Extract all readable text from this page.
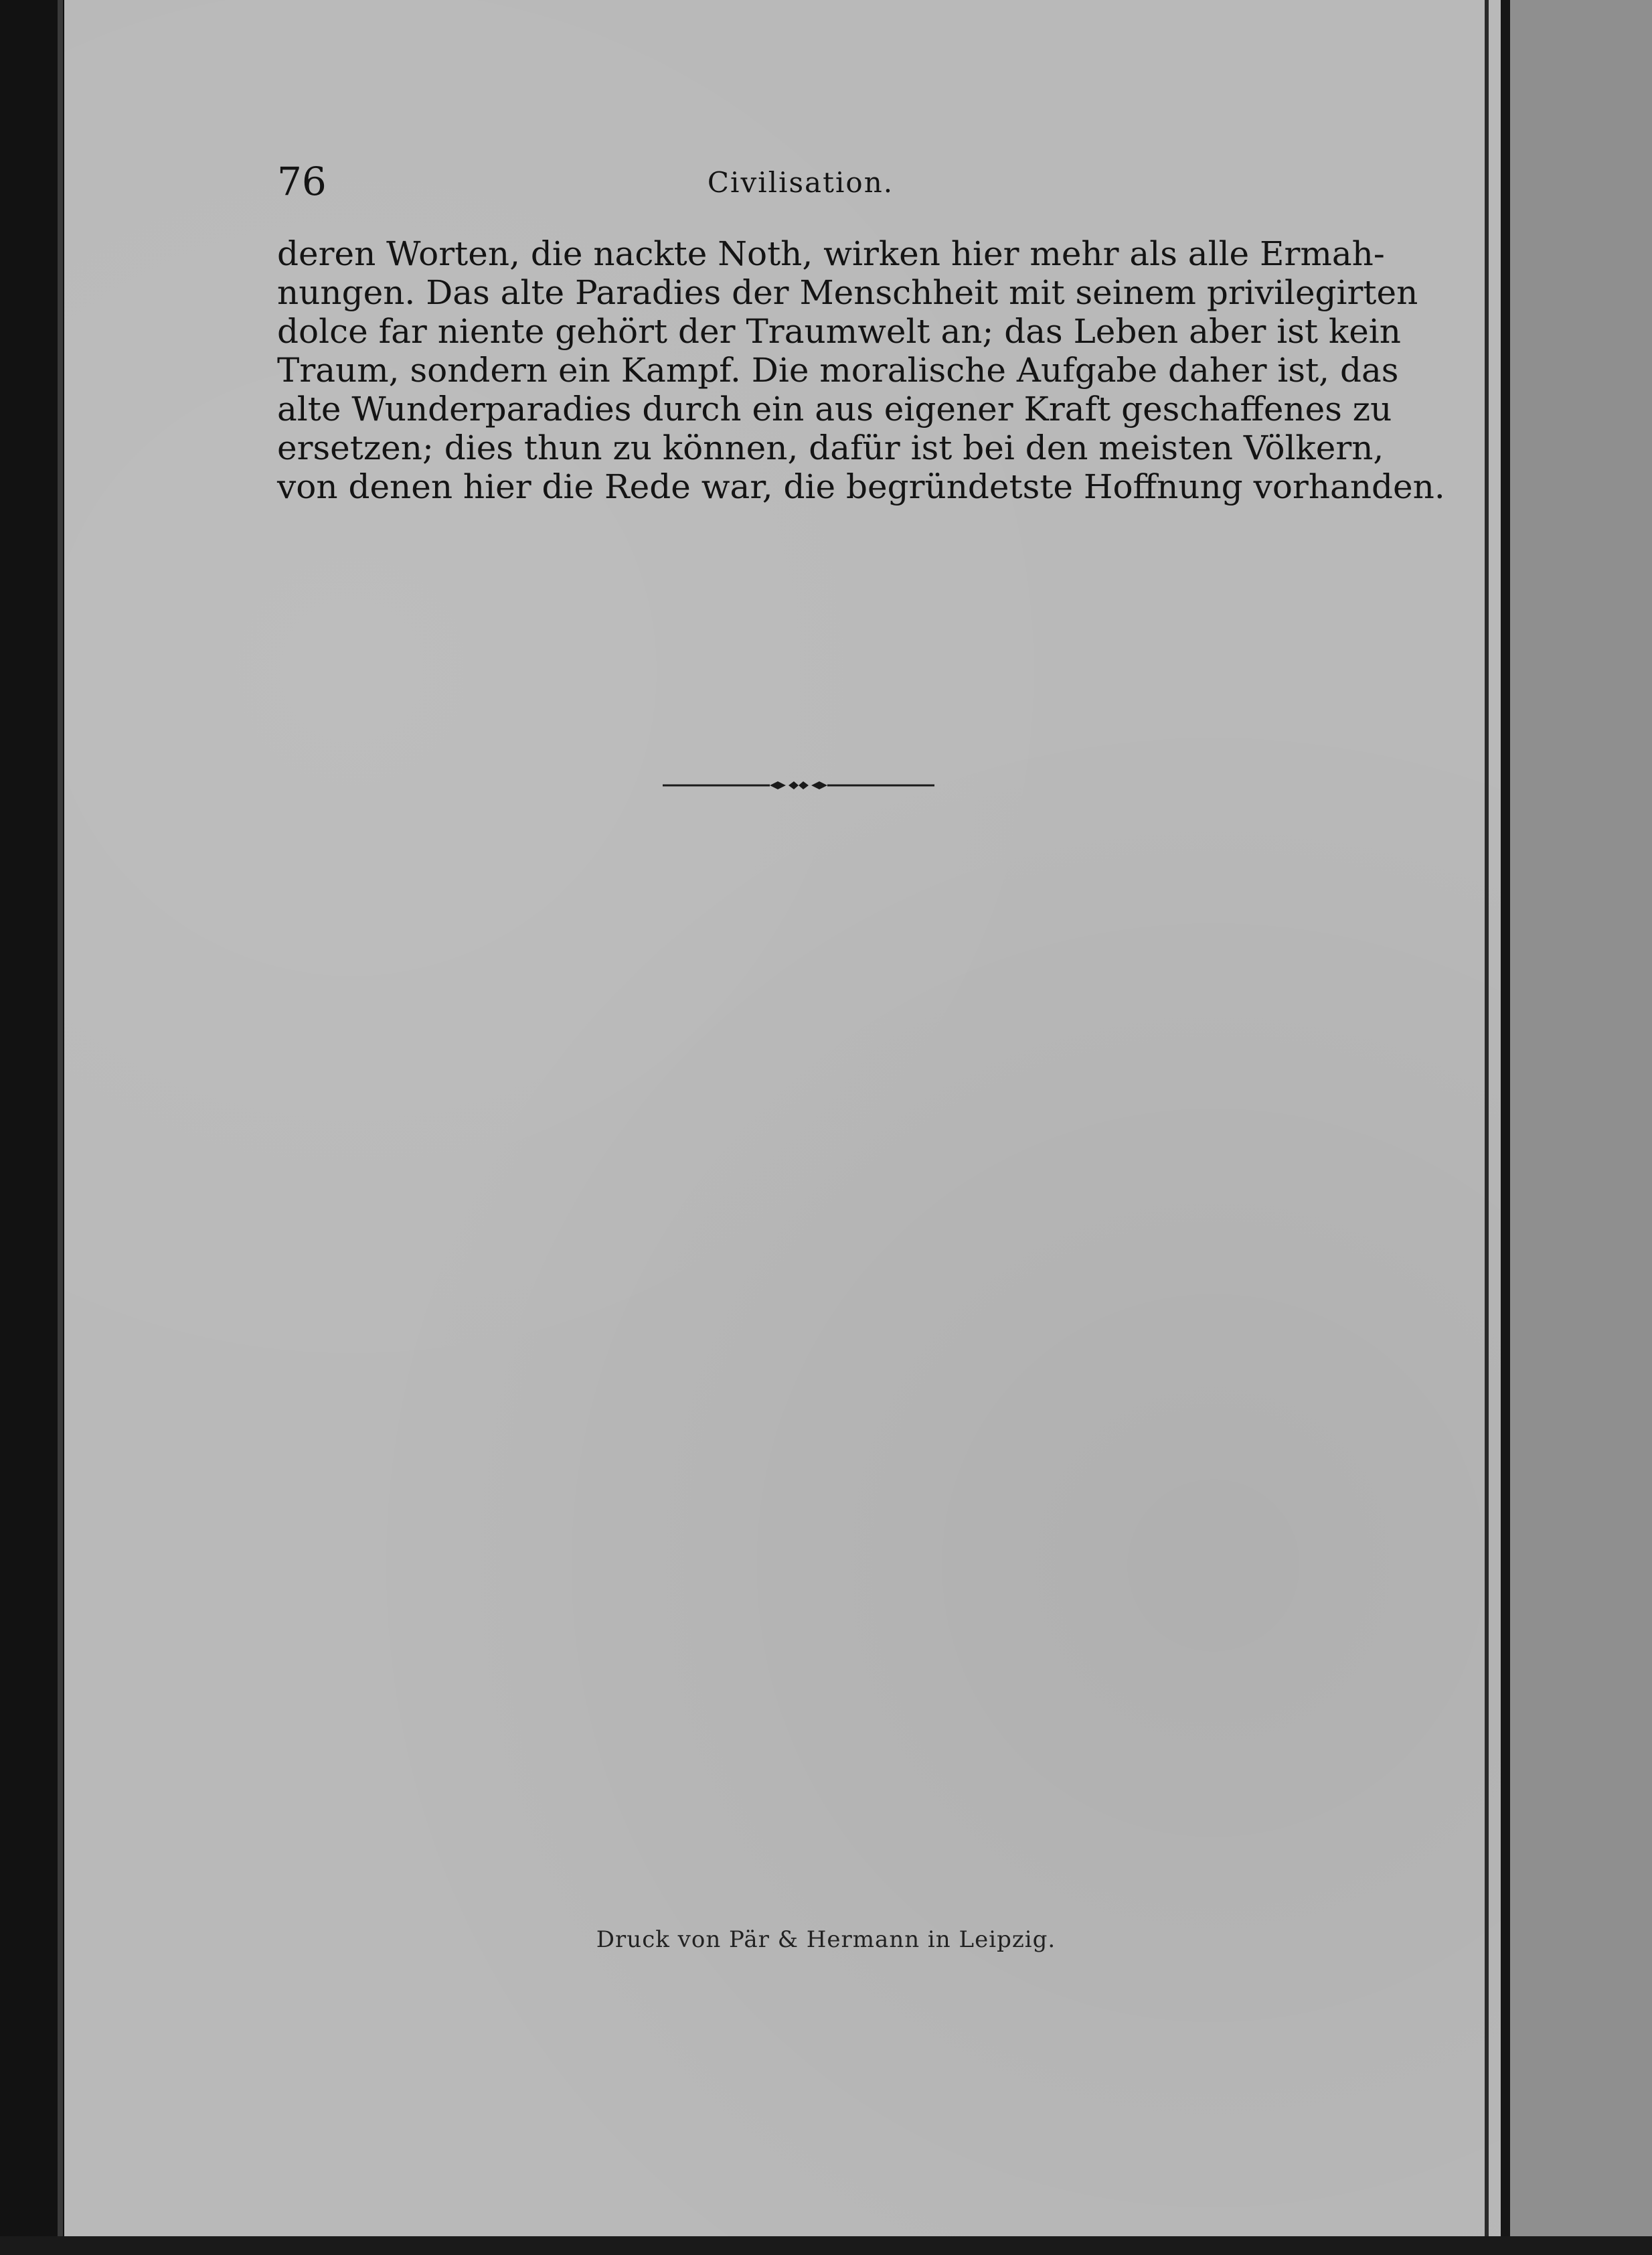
76	Civilisation.
deren Worten, die nackte Noth, wirken hier mehr als alle Ermah-
nungen. Das alte Paradies der Menschheit mit seinem privilegirten
dolce far niente gehört der Traumwelt an; das Leben aber ist kein
Traum, sondern ein Kampf. Die moralische Aufgabe daher ist, das
alte Wunderparadies durch ein aus eigener Kraft geschaffenes zu
ersetzen; dies thun zu können, dafür ist bei den meisten Völkern,
von denen hier die Rede war, die begründetste Hoffnung vorhanden.
Druck von Pär & Hermann in Leipzig.
